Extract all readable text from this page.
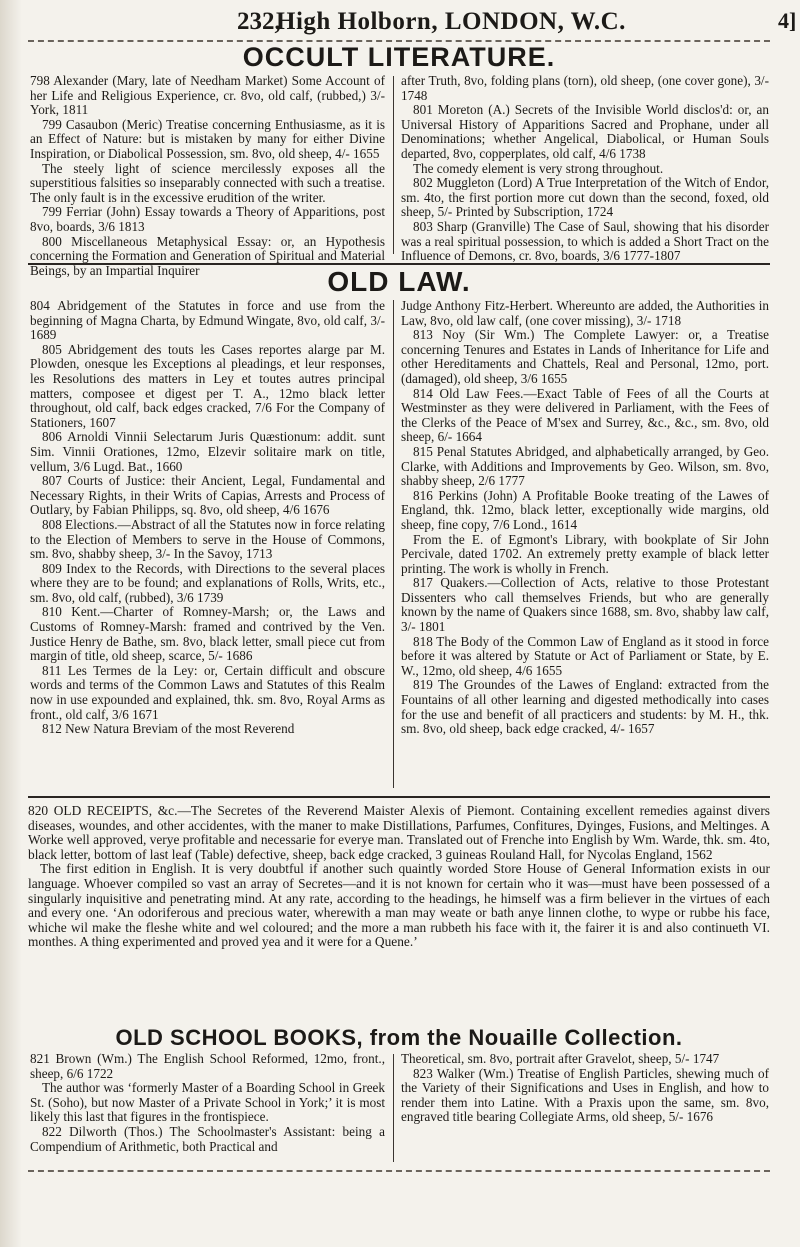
232,
High Holborn, LONDON, W.C.	4]
OCCULT LITERATURE.

798 Alexander (Mary, late of Needham Market) Some Account of her Life and Religious Experience, cr. 8vo, old calf, (rubbed,) 3/- York, 1811

799 Casaubon (Meric) Treatise concerning Enthusiasme, as it is an Effect of Nature: but is mistaken by many for either Divine Inspiration, or Diabolical Possession, sm. 8vo, old sheep, 4/- 1655

The steely light of science mercilessly exposes all the superstitious falsities so inseparably connected with such a treatise. The only fault is in the excessive erudition of the writer.

799 Ferriar (John) Essay towards a Theory of Apparitions, post 8vo, boards, 3/6 1813

800 Miscellaneous Metaphysical Essay: or, an Hypothesis concerning the Formation and Generation of Spiritual and Material Beings, by an Impartial Inquirer

after Truth, 8vo, folding plans (torn), old sheep, (one cover gone), 3/- 1748

801 Moreton (A.) Secrets of the Invisible World disclos'd: or, an Universal History of Apparitions Sacred and Prophane, under all Denominations; whether Angelical, Diabolical, or Human Souls departed, 8vo, copperplates, old calf, 4/6 1738

The comedy element is very strong throughout.

802 Muggleton (Lord) A True Interpretation of the Witch of Endor, sm. 4to, the first portion more cut down than the second, foxed, old sheep, 5/- Printed by Subscription, 1724

803 Sharp (Granville) The Case of Saul, showing that his disorder was a real spiritual possession, to which is added a Short Tract on the Influence of Demons, cr. 8vo, boards, 3/6 1777-1807

OLD LAW.

804 Abridgement of the Statutes in force and use from the beginning of Magna Charta, by Edmund Wingate, 8vo, old calf, 3/- 1689

805 Abridgement des touts les Cases reportes alarge par M. Plowden, onesque les Exceptions al pleadings, et leur responses, les Resolutions des matters in Ley et toutes autres principal matters, composee et digest per T. A., 12mo black letter throughout, old calf, back edges cracked, 7/6 For the Company of Stationers, 1607

806 Arnoldi Vinnii Selectarum Juris Quæstionum: addit. sunt Sim. Vinnii Orationes, 12mo, Elzevir solitaire mark on title, vellum, 3/6 Lugd. Bat., 1660

807 Courts of Justice: their Ancient, Legal, Fundamental and Necessary Rights, in their Writs of Capias, Arrests and Process of Outlary, by Fabian Philipps, sq. 8vo, old sheep, 4/6 1676

808 Elections.—Abstract of all the Statutes now in force relating to the Election of Members to serve in the House of Commons, sm. 8vo, shabby sheep, 3/- In the Savoy, 1713

809 Index to the Records, with Directions to the several places where they are to be found; and explanations of Rolls, Writs, etc., sm. 8vo, old calf, (rubbed), 3/6 1739

810 Kent.—Charter of Romney-Marsh; or, the Laws and Customs of Romney-Marsh: framed and contrived by the Ven. Justice Henry de Bathe, sm. 8vo, black letter, small piece cut from margin of title, old sheep, scarce, 5/- 1686

811 Les Termes de la Ley: or, Certain difficult and obscure words and terms of the Common Laws and Statutes of this Realm now in use expounded and explained, thk. sm. 8vo, Royal Arms as front., old calf, 3/6 1671

812 New Natura Breviam of the most Reverend

Judge Anthony Fitz-Herbert. Whereunto are added, the Authorities in Law, 8vo, old law calf, (one cover missing), 3/- 1718

813 Noy (Sir Wm.) The Complete Lawyer: or, a Treatise concerning Tenures and Estates in Lands of Inheritance for Life and other Hereditaments and Chattels, Real and Personal, 12mo, port. (damaged), old sheep, 3/6 1655

814 Old Law Fees.—Exact Table of Fees of all the Courts at Westminster as they were delivered in Parliament, with the Fees of the Clerks of the Peace of M'sex and Surrey, &c., &c., sm. 8vo, old sheep, 6/- 1664

815 Penal Statutes Abridged, and alphabetically arranged, by Geo. Clarke, with Additions and Improvements by Geo. Wilson, sm. 8vo, shabby sheep, 2/6 1777

816 Perkins (John) A Profitable Booke treating of the Lawes of England, thk. 12mo, black letter, exceptionally wide margins, old sheep, fine copy, 7/6 Lond., 1614

From the E. of Egmont's Library, with bookplate of Sir John Percivale, dated 1702. An extremely pretty example of black letter printing. The work is wholly in French.

817 Quakers.—Collection of Acts, relative to those Protestant Dissenters who call themselves Friends, but who are generally known by the name of Quakers since 1688, sm. 8vo, shabby law calf, 3/- 1801

818 The Body of the Common Law of England as it stood in force before it was altered by Statute or Act of Parliament or State, by E. W., 12mo, old sheep, 4/6 1655

819 The Groundes of the Lawes of England: extracted from the Fountains of all other learning and digested methodically into cases for the use and benefit of all practicers and students: by M. H., thk. sm. 8vo, old sheep, back edge cracked, 4/- 1657

820 OLD RECEIPTS, &c.—The Secretes of the Reverend Maister Alexis of Piemont. Containing excellent remedies against divers diseases, woundes, and other accidentes, with the maner to make Distillations, Parfumes, Confitures, Dyinges, Fusions, and Meltinges. A Worke well approved, verye profitable and necessarie for everye man. Translated out of Frenche into English by Wm. Warde, thk. sm. 4to, black letter, bottom of last leaf (Table) defective, sheep, back edge cracked, 3 guineas Rouland Hall, for Nycolas England, 1562

The first edition in English. It is very doubtful if another such quaintly worded Store House of General Information exists in our language. Whoever compiled so vast an array of Secretes—and it is not known for certain who it was—must have been possessed of a singularly inquisitive and penetrating mind. At any rate, according to the headings, he himself was a firm believer in the virtues of each and every one. ‘An odoriferous and precious water, wherewith a man may weate or bath anye linnen clothe, to wype or rubbe his face, whiche wil make the fleshe white and wel coloured; and the more a man rubbeth his face with it, the fairer it is and also continueth VI. monthes. A thing experimented and proved yea and it were for a Quene.’

OLD SCHOOL BOOKS, from the Nouaille Collection.

821 Brown (Wm.) The English School Reformed, 12mo, front., sheep, 6/6 1722

The author was ‘formerly Master of a Boarding School in Greek St. (Soho), but now Master of a Private School in York;’ it is most likely this last that figures in the frontispiece.

822 Dilworth (Thos.) The Schoolmaster's Assistant: being a Compendium of Arithmetic, both Practical and

Theoretical, sm. 8vo, portrait after Gravelot, sheep, 5/- 1747

823 Walker (Wm.) Treatise of English Particles, shewing much of the Variety of their Significations and Uses in English, and how to render them into Latine. With a Praxis upon the same, sm. 8vo, engraved title bearing Collegiate Arms, old sheep, 5/- 1676
